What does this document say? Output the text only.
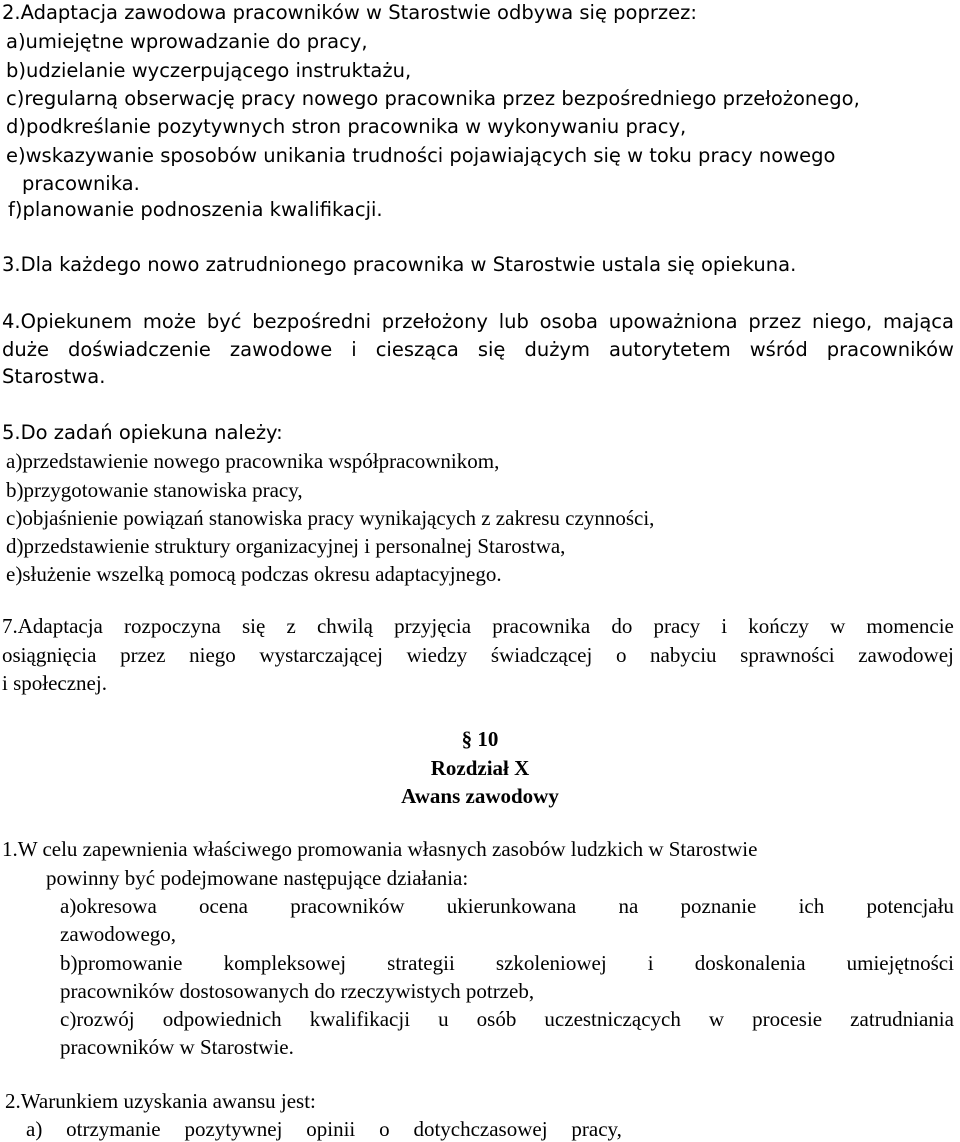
2.Adaptacja zawodowa pracowników w Starostwie odbywa się poprzez:
a)umiejętne wprowadzanie do pracy,
b)udzielanie wyczerpującego instruktażu,
c)regularną obserwację pracy nowego pracownika przez bezpośredniego przełożonego,
d)podkreślanie pozytywnych stron pracownika w wykonywaniu pracy,
e)wskazywanie sposobów unikania trudności pojawiających się w toku pracy nowego
pracownika.
f)planowanie podnoszenia kwalifikacji.
3.Dla każdego nowo zatrudnionego pracownika w Starostwie ustala się opiekuna.
4.Opiekunem może być bezpośredni przełożony lub osoba upoważniona przez niego, mająca
duże doświadczenie zawodowe i ciesząca się dużym autorytetem wśród pracowników
Starostwa.
5.Do zadań opiekuna należy:
a)przedstawienie nowego pracownika współpracownikom,
b)przygotowanie stanowiska pracy,
c)objaśnienie powiązań stanowiska pracy wynikających z zakresu czynności,
d)przedstawienie struktury organizacyjnej i personalnej Starostwa,
e)służenie wszelką pomocą podczas okresu adaptacyjnego.
7.Adaptacja rozpoczyna się z chwilą przyjęcia pracownika do pracy i kończy w momencie
osiągnięcia przez niego wystarczającej wiedzy świadczącej o nabyciu sprawności zawodowej
i społecznej.
§ 10
Rozdział X
Awans zawodowy
1.W celu zapewnienia właściwego promowania własnych zasobów ludzkich w Starostwie
powinny być podejmowane następujące działania:
a)okresowa ocena pracowników ukierunkowana na poznanie ich potencjału
zawodowego,
b)promowanie kompleksowej strategii szkoleniowej i doskonalenia umiejętności
pracowników dostosowanych do rzeczywistych potrzeb,
c)rozwój odpowiednich kwalifikacji u osób uczestniczących w procesie zatrudniania
pracowników w Starostwie.
2.Warunkiem uzyskania awansu jest:
a) otrzymanie pozytywnej opinii o dotychczasowej pracy,
